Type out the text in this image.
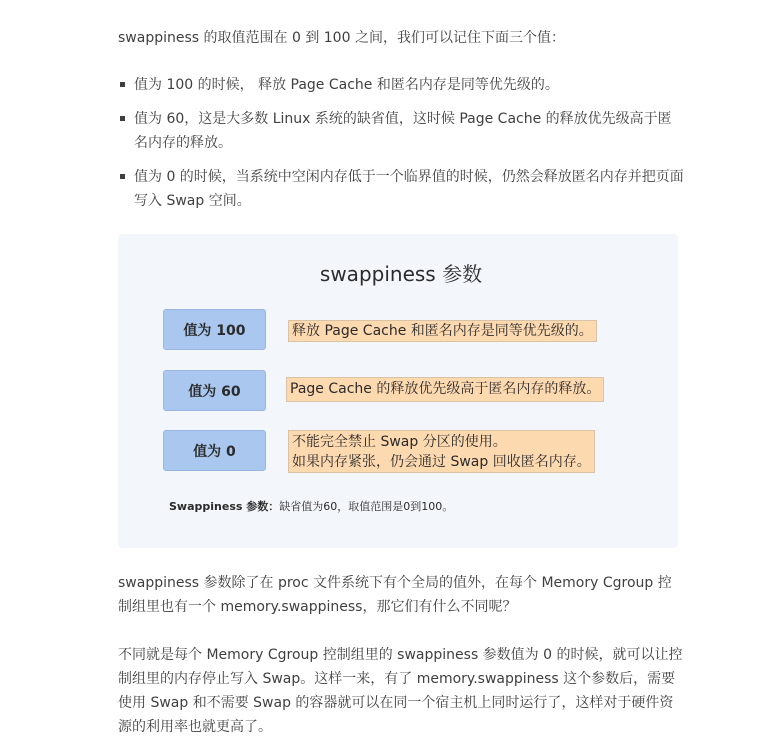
swappiness 的取值范围在 0 到 100 之间，我们可以记住下面三个值：

值为 100 的时候， 释放 Page Cache 和匿名内存是同等优先级的。
值为 60，这是大多数 Linux 系统的缺省值，这时候 Page Cache 的释放优先级高于匿名内存的释放。
值为 0 的时候，当系统中空闲内存低于一个临界值的时候，仍然会释放匿名内存并把页面写入 Swap 空间。
swappiness 参数
值为 100	释放 Page Cache 和匿名内存是同等优先级的。
值为 60	Page Cache 的释放优先级高于匿名内存的释放。
值为 0
不能完全禁止 Swap 分区的使用。
如果内存紧张，仍会通过 Swap 回收匿名内存。
Swappiness 参数：缺省值为60，取值范围是0到100。

swappiness 参数除了在 proc 文件系统下有个全局的值外，在每个 Memory Cgroup 控制组里也有一个 memory.swappiness，那它们有什么不同呢？

不同就是每个 Memory Cgroup 控制组里的 swappiness 参数值为 0 的时候，就可以让控制组里的内存停止写入 Swap。这样一来，有了 memory.swappiness 这个参数后，需要使用 Swap 和不需要 Swap 的容器就可以在同一个宿主机上同时运行了，这样对于硬件资源的利用率也就更高了。
